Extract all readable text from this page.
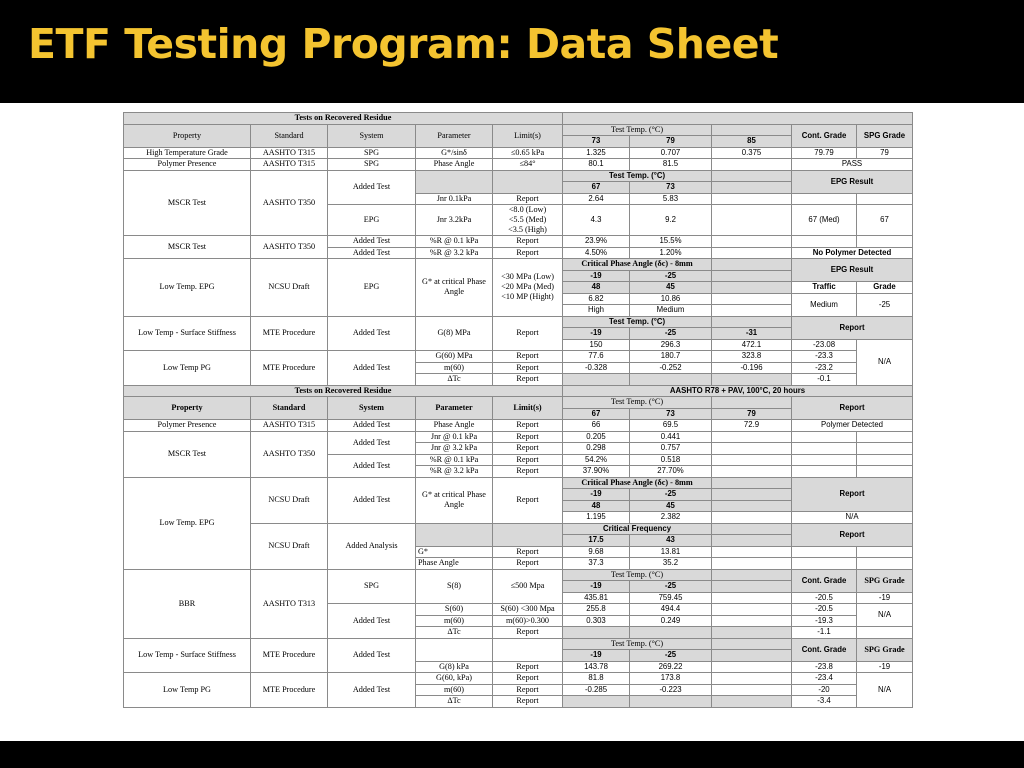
ETF Testing Program: Data Sheet
Tests on Recovered Residue									
Property	Standard	System	Parameter	Limit(s)	Test Temp. (°C)			Cont. Grade	SPG Grade
					73	79	85		
High Temperature Grade	AASHTO T315	SPG	G*/sinδ	≤0.65 kPa	1.325	0.707	0.375	79.79	79
Polymer Presence	AASHTO T315	SPG	Phase Angle	≤84°	80.1	81.5		PASS	
MSCR Test	AASHTO T350	Added Test			Test Temp. (°C)			EPG Result	
					67	73			
			Jnr 0.1kPa	Report	2.64	5.83			
		EPG	Jnr 3.2kPa	<8.0 (Low)
<5.5 (Med)
<3.5 (High)	4.3	9.2		67 (Med)	67
MSCR Test	AASHTO T350	Added Test	%R @ 0.1 kPa	Report	23.9%	15.5%			
		Added Test	%R @ 3.2 kPa	Report	4.50%	1.20%		No Polymer Detected	
Low Temp. EPG	NCSU Draft	EPG	G* at critical Phase Angle	<30 MPa (Low)
<20 MPa (Med)
<10 MP (Hight)	Critical Phase Angle (δc) - 8mm			EPG Result	
					-19	-25			
					48	45		Traffic	Grade
					6.82	10.86		Medium	-25
					High	Medium			
Low Temp - Surface Stiffness	MTE Procedure	Added Test	G(8) MPa	Report	Test Temp. (°C)			Report	
					-19	-25	-31		
					150	296.3	472.1	-23.08	N/A
Low Temp PG	MTE Procedure	Added Test	G(60) MPa	Report	77.6	180.7	323.8	-23.3	
			m(60)	Report	-0.328	-0.252	-0.196	-23.2	
			ΔTc	Report				-0.1	
Tests on Recovered Residue					AASHTO R78 + PAV, 100°C, 20 hours				
Property	Standard	System	Parameter	Limit(s)	Test Temp. (°C)			Report	
					67	73	79		
Polymer Presence	AASHTO T315	Added Test	Phase Angle	Report	66	69.5	72.9	Polymer Detected	
MSCR Test	AASHTO T350	Added Test	Jnr @ 0.1 kPa	Report	0.205	0.441			
			Jnr @ 3.2 kPa	Report	0.298	0.757			
		Added Test	%R @ 0.1 kPa	Report	54.2%	0.518			
			%R @ 3.2 kPa	Report	37.90%	27.70%			
Low Temp. EPG	NCSU Draft	Added Test	G* at critical Phase Angle	Report	Critical Phase Angle (δc) - 8mm			Report	
					-19	-25			
					48	45			
					1.195	2.382		N/A	
	NCSU Draft	Added Analysis			Critical Frequency			Report	
					17.5	43			
			G*	Report	9.68	13.81			
			Phase Angle	Report	37.3	35.2			
BBR	AASHTO T313	SPG	S(8)	≤500 Mpa	Test Temp. (°C)			Cont. Grade	SPG Grade
					-19	-25			
					435.81	759.45		-20.5	-19
		Added Test	S(60)	S(60) <300 Mpa	255.8	494.4		-20.5	N/A
			m(60)	m(60)>0.300	0.303	0.249		-19.3	
			ΔTc	Report				-1.1	
Low Temp - Surface Stiffness	MTE Procedure	Added Test			Test Temp. (°C)			Cont. Grade	SPG Grade
					-19	-25			
			G(8) kPa	Report	143.78	269.22		-23.8	-19
Low Temp PG	MTE Procedure	Added Test	G(60, kPa)	Report	81.8	173.8		-23.4	N/A
			m(60)	Report	-0.285	-0.223		-20	
			ΔTc	Report				-3.4	
